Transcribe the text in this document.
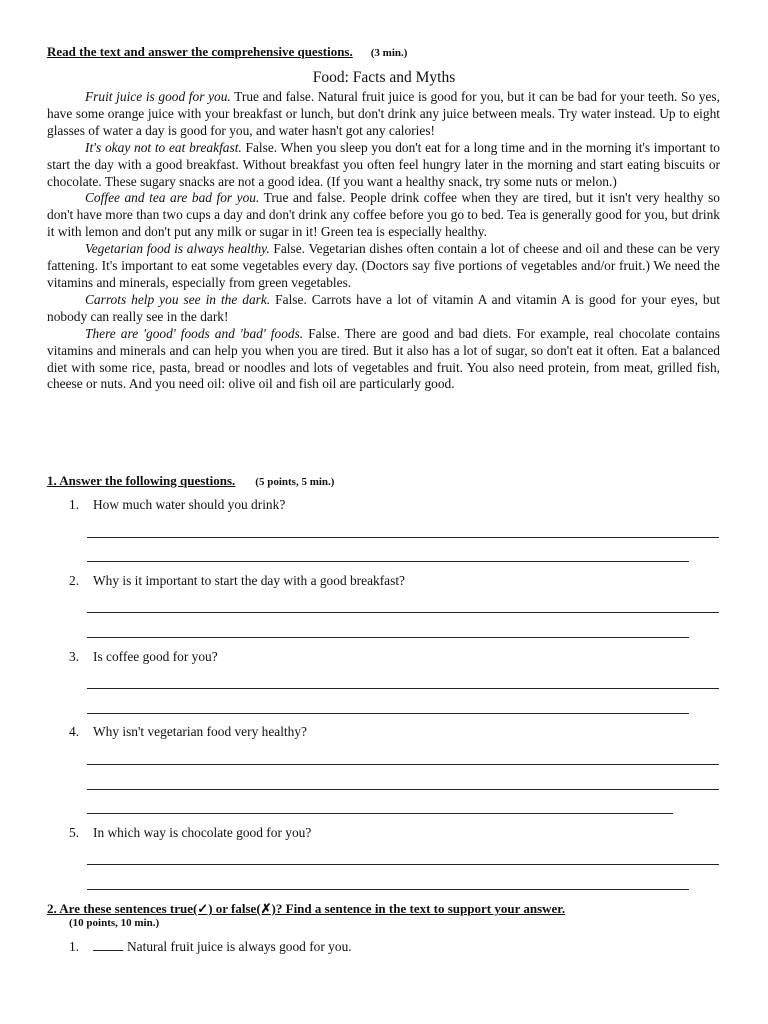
Read the text and answer the comprehensive questions. (3 min.)
Food: Facts and Myths

Fruit juice is good for you. True and false. Natural fruit juice is good for you, but it can be bad for your teeth. So yes, have some orange juice with your breakfast or lunch, but don't drink any juice between meals. Try water instead. Up to eight glasses of water a day is good for you, and water hasn't got any calories!

It's okay not to eat breakfast. False. When you sleep you don't eat for a long time and in the morning it's important to start the day with a good breakfast. Without breakfast you often feel hungry later in the morning and start eating biscuits or chocolate. These sugary snacks are not a good idea. (If you want a healthy snack, try some nuts or melon.)

Coffee and tea are bad for you. True and false. People drink coffee when they are tired, but it isn't very healthy so don't have more than two cups a day and don't drink any coffee before you go to bed. Tea is generally good for you, but drink it with lemon and don't put any milk or sugar in it! Green tea is especially healthy.

Vegetarian food is always healthy. False. Vegetarian dishes often contain a lot of cheese and oil and these can be very fattening. It's important to eat some vegetables every day. (Doctors say five portions of vegetables and/or fruit.) We need the vitamins and minerals, especially from green vegetables.

Carrots help you see in the dark. False. Carrots have a lot of vitamin A and vitamin A is good for your eyes, but nobody can really see in the dark!

There are 'good' foods and 'bad' foods. False. There are good and bad diets. For example, real chocolate contains vitamins and minerals and can help you when you are tired. But it also has a lot of sugar, so don't eat it often. Eat a balanced diet with some rice, pasta, bread or noodles and lots of vegetables and fruit. You also need protein, from meat, grilled fish, cheese or nuts. And you need oil: olive oil and fish oil are particularly good.

1. Answer the following questions. (5 points, 5 min.)
1. How much water should you drink?
2. Why is it important to start the day with a good breakfast?
3. Is coffee good for you?
4. Why isn't vegetarian food very healthy?
5. In which way is chocolate good for you?
2. Are these sentences true(✓) or false(✗)? Find a sentence in the text to support your answer.
(10 points, 10 min.)
1.	Natural fruit juice is always good for you.
